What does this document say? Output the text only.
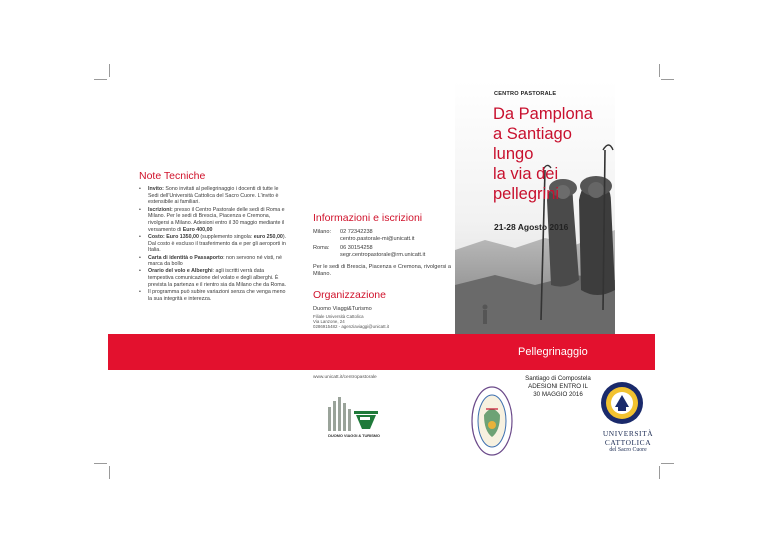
Note Tecniche
• Invito: Sono invitati al pellegrinaggio i docenti di tutte le Sedi dell'Università Cattolica del Sacro Cuore. L'invito è estensibile ai familiari.
• Iscrizioni: presso il Centro Pastorale delle sedi di Roma e Milano. Per le sedi di Brescia, Piacenza e Cremona, rivolgersi a Milano. Adesioni entro il 30 maggio mediante il versamento di Euro 400,00
• Costo: Euro 1350,00 (supplemento singola: euro 250,00). Dal costo è escluso il trasferimento da e per gli aeroporti in Italia.
• Carta di identità o Passaporto: non servono né visti, né marca da bollo
• Orario del volo e Alberghi: agli iscritti verrà data tempestiva comunicazione del volato e degli alberghi. È prevista la partenza e il rientro sia da Milano che da Roma.
• Il programma può subire variazioni senza che venga meno la sua integrità e interezza.
Informazioni e iscrizioni
Milano: 02 72342238
centro.pastorale-mi@unicatt.it
Roma: 06 30154258
segr.centropastorale@rm.unicatt.it
Per le sedi di Brescia, Piacenza e Cremona, rivolgersi a Milano.
Organizzazione
Duomo Viaggi&Turismo
Filiale Università Cattolica
Via Lanzone, 24
0286915482 - agenziaviaggi@unicatt.it
CENTRO PASTORALE
Da Pamplona
a Santiago
lungo
la via dei
pellegrini
21-28 Agosto 2016
Pellegrinaggio
www.unicatt.it/centropastorale
DUOMO VIAGGI & TURISMO
Santiago di Compostela
ADESIONI ENTRO IL
30 MAGGIO 2016
UNIVERSITÀ
CATTOLICA
del Sacro Cuore
